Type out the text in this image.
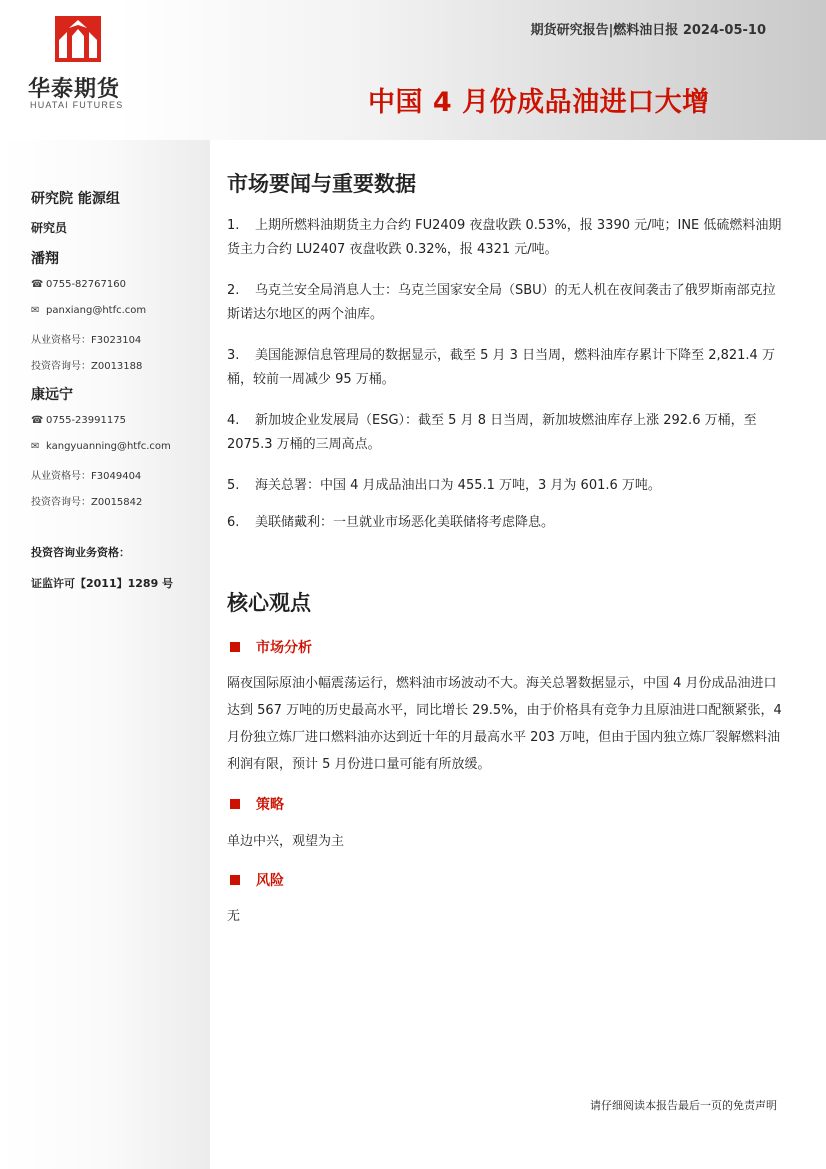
华泰期货
HUATAI FUTURES
期货研究报告|燃料油日报 2024-05-10
中国 4 月份成品油进口大增
研究院 能源组
研究员
潘翔
☎ 0755-82767160
✉ panxiang@htfc.com
从业资格号：F3023104
投资咨询号：Z0013188
康远宁
☎ 0755-23991175
✉ kangyuanning@htfc.com
从业资格号：F3049404
投资咨询号：Z0015842
投资咨询业务资格：
证监许可【2011】1289 号
市场要闻与重要数据
1. 上期所燃料油期货主力合约 FU2409 夜盘收跌 0.53%，报 3390 元/吨；INE 低硫燃料油期货主力合约 LU2407 夜盘收跌 0.32%，报 4321 元/吨。
2. 乌克兰安全局消息人士：乌克兰国家安全局（SBU）的无人机在夜间袭击了俄罗斯南部克拉斯诺达尔地区的两个油库。
3. 美国能源信息管理局的数据显示，截至 5 月 3 日当周，燃料油库存累计下降至 2,821.4 万桶，较前一周减少 95 万桶。
4. 新加坡企业发展局（ESG）：截至 5 月 8 日当周，新加坡燃油库存上涨 292.6 万桶，至 2075.3 万桶的三周高点。
5. 海关总署：中国 4 月成品油出口为 455.1 万吨，3 月为 601.6 万吨。
6. 美联储戴利：一旦就业市场恶化美联储将考虑降息。
核心观点
市场分析
隔夜国际原油小幅震荡运行，燃料油市场波动不大。海关总署数据显示，中国 4 月份成品油进口达到 567 万吨的历史最高水平，同比增长 29.5%，由于价格具有竞争力且原油进口配额紧张，4 月份独立炼厂进口燃料油亦达到近十年的月最高水平 203 万吨，但由于国内独立炼厂裂解燃料油利润有限，预计 5 月份进口量可能有所放缓。
策略
单边中兴，观望为主
风险
无
请仔细阅读本报告最后一页的免责声明
